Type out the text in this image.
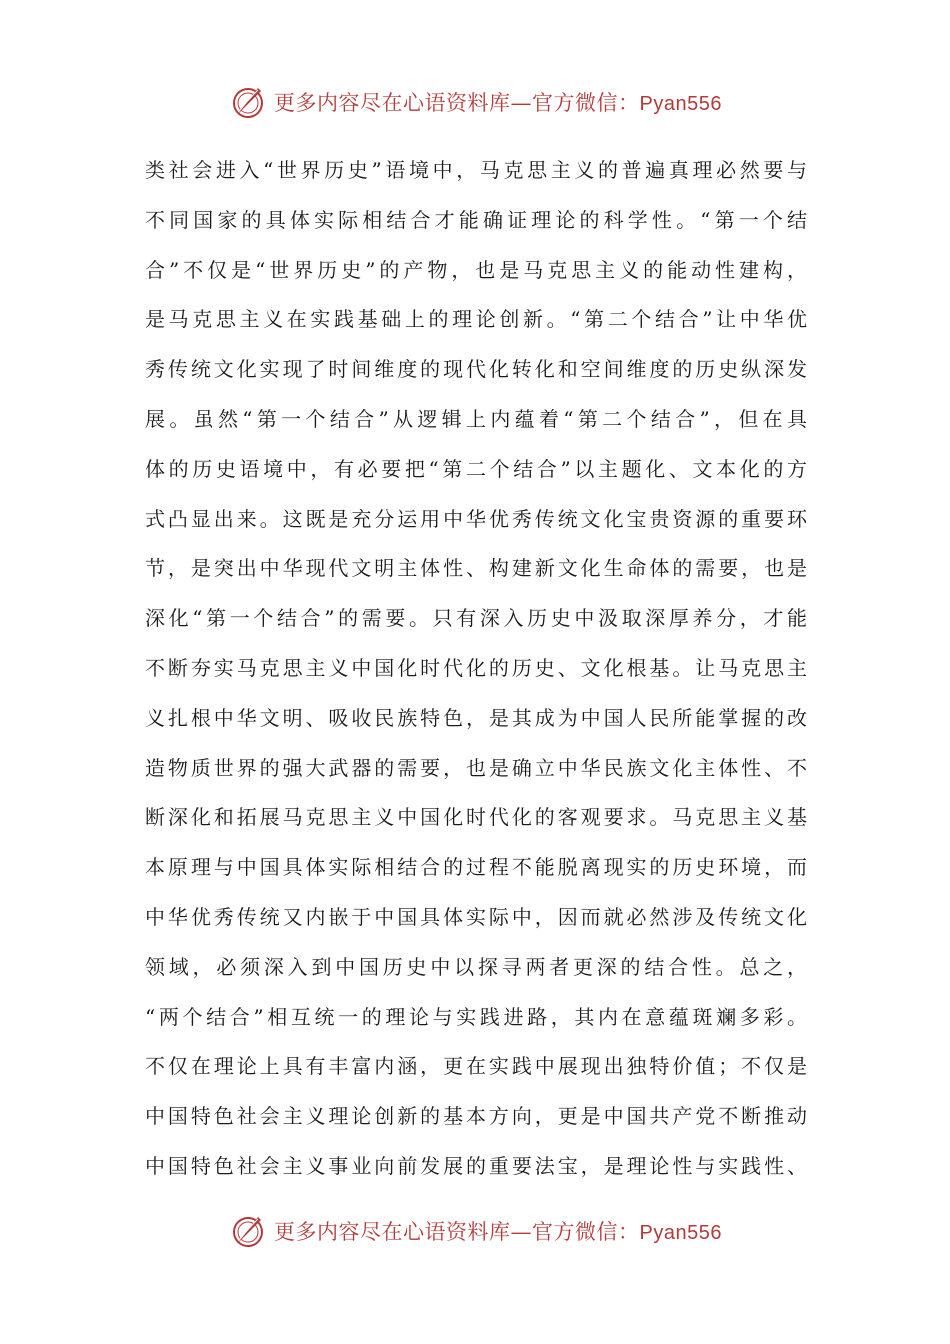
更多内容尽在心语资料库—官方微信：Pyan556
类社会进入“世界历史”语境中，马克思主义的普遍真理必然要与
不同国家的具体实际相结合才能确证理论的科学性。“第一个结
合”不仅是“世界历史”的产物，也是马克思主义的能动性建构，
是马克思主义在实践基础上的理论创新。“第二个结合”让中华优
秀传统文化实现了时间维度的现代化转化和空间维度的历史纵深发
展。虽然“第一个结合”从逻辑上内蕴着“第二个结合”，但在具
体的历史语境中，有必要把“第二个结合”以主题化、文本化的方
式凸显出来。这既是充分运用中华优秀传统文化宝贵资源的重要环
节，是突出中华现代文明主体性、构建新文化生命体的需要，也是
深化“第一个结合”的需要。只有深入历史中汲取深厚养分，才能
不断夯实马克思主义中国化时代化的历史、文化根基。让马克思主
义扎根中华文明、吸收民族特色，是其成为中国人民所能掌握的改
造物质世界的强大武器的需要，也是确立中华民族文化主体性、不
断深化和拓展马克思主义中国化时代化的客观要求。马克思主义基
本原理与中国具体实际相结合的过程不能脱离现实的历史环境，而
中华优秀传统又内嵌于中国具体实际中，因而就必然涉及传统文化
领域，必须深入到中国历史中以探寻两者更深的结合性。总之，
“两个结合”相互统一的理论与实践进路，其内在意蕴斑斓多彩。
不仅在理论上具有丰富内涵，更在实践中展现出独特价值；不仅是
中国特色社会主义理论创新的基本方向，更是中国共产党不断推动
中国特色社会主义事业向前发展的重要法宝，是理论性与实践性、
更多内容尽在心语资料库—官方微信：Pyan556
